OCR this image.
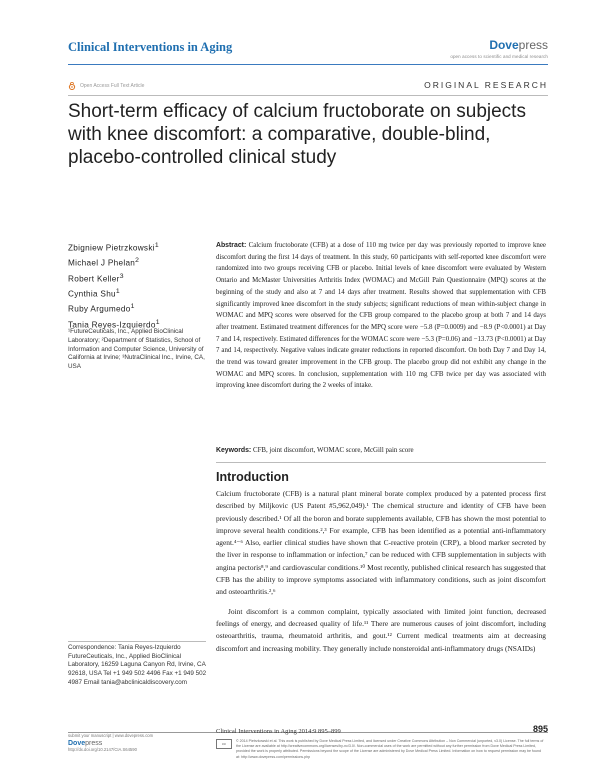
Clinical Interventions in Aging	Dovepress
open access to scientific and medical research
Open Access Full Text Article	ORIGINAL RESEARCH
Short-term efficacy of calcium fructoborate on subjects with knee discomfort: a comparative, double-blind, placebo-controlled clinical study
Zbigniew Pietrzkowski$^1$
Michael J Phelan$^2$
Robert Keller$^3$
Cynthia Shu$^1$
Ruby Argumedo$^1$
Tania Reyes-Izquierdo$^1$
¹FutureCeuticals, Inc., Applied BioClinical Laboratory; ²Department of Statistics, School of Information and Computer Science, University of California at Irvine; ³NutraClinical Inc., Irvine, CA, USA
Abstract: Calcium fructoborate (CFB) at a dose of 110 mg twice per day was previously reported to improve knee discomfort during the first 14 days of treatment. In this study, 60 participants with self-reported knee discomfort were randomized into two groups receiving CFB or placebo. Initial levels of knee discomfort were evaluated by Western Ontario and McMaster Universities Arthritis Index (WOMAC) and McGill Pain Questionnaire (MPQ) scores at the beginning of the study and also at 7 and 14 days after treatment. Results showed that supplementation with CFB significantly improved knee discomfort in the study subjects; significant reductions of mean within-subject change in WOMAC and MPQ scores were observed for the CFB group compared to the placebo group at both 7 and 14 days after treatment. Estimated treatment differences for the MPQ score were −5.8 (P=0.0009) and −8.9 (P<0.0001) at Day 7 and 14, respectively. Estimated differences for the WOMAC score were −5.3 (P=0.06) and −13.73 (P<0.0001) at Day 7 and 14, respectively. Negative values indicate greater reductions in reported discomfort. On both Day 7 and Day 14, the trend was toward greater improvement in the CFB group. The placebo group did not exhibit any change in the WOMAC and MPQ scores. In conclusion, supplementation with 110 mg CFB twice per day was associated with improving knee discomfort during the 2 weeks of intake.
Keywords: CFB, joint discomfort, WOMAC score, McGill pain score
Introduction

Calcium fructoborate (CFB) is a natural plant mineral borate complex produced by a patented process first described by Miljkovic (US Patent #5,962,049).¹ The chemical structure and identity of CFB have been previously described.¹ Of all the boron and borate supplements available, CFB has shown the most potential to improve several health conditions.²,³ For example, CFB has been identified as a potential anti-inflammatory agent.⁴⁻⁶ Also, earlier clinical studies have shown that C-reactive protein (CRP), a blood marker secreted by the liver in response to inflammation or infection,⁷ can be reduced with CFB supplementation in subjects with angina pectoris⁸,⁹ and cardiovascular conditions.¹⁰ Most recently, published clinical research has suggested that CFB has the ability to improve symptoms associated with inflammatory conditions, such as joint discomfort and osteoarthritis.²,⁶

Joint discomfort is a common complaint, typically associated with limited joint function, decreased feelings of energy, and decreased quality of life.¹¹ There are numerous causes of joint discomfort, including osteoarthritis, trauma, rheumatoid arthritis, and gout.¹² Current medical treatments aim at decreasing discomfort and increasing mobility. They generally include nonsteroidal anti-inflammatory drugs (NSAIDs)

Correspondence: Tania Reyes-Izquierdo FutureCeuticals, Inc., Applied BioClinical Laboratory, 16259 Laguna Canyon Rd, Irvine, CA 92618, USA Tel +1 949 502 4496 Fax +1 949 502 4987 Email tania@abclinicaldiscovery.com
submit your manuscript | www.dovepress.com
Dovepress
http://dx.doi.org/10.2147/CIA.S64590
Clinical Interventions in Aging 2014:9 895–899	895
cc
© 2014 Pietrzkowski et al. This work is published by Dove Medical Press Limited, and licensed under Creative Commons Attribution – Non Commercial (unported, v3.0) License. The full terms of the License are available at http://creativecommons.org/licenses/by-nc/3.0/. Non-commercial uses of the work are permitted without any further permission from Dove Medical Press Limited, provided the work is properly attributed. Permissions beyond the scope of the License are administered by Dove Medical Press Limited. Information on how to request permission may be found at: http://www.dovepress.com/permissions.php
